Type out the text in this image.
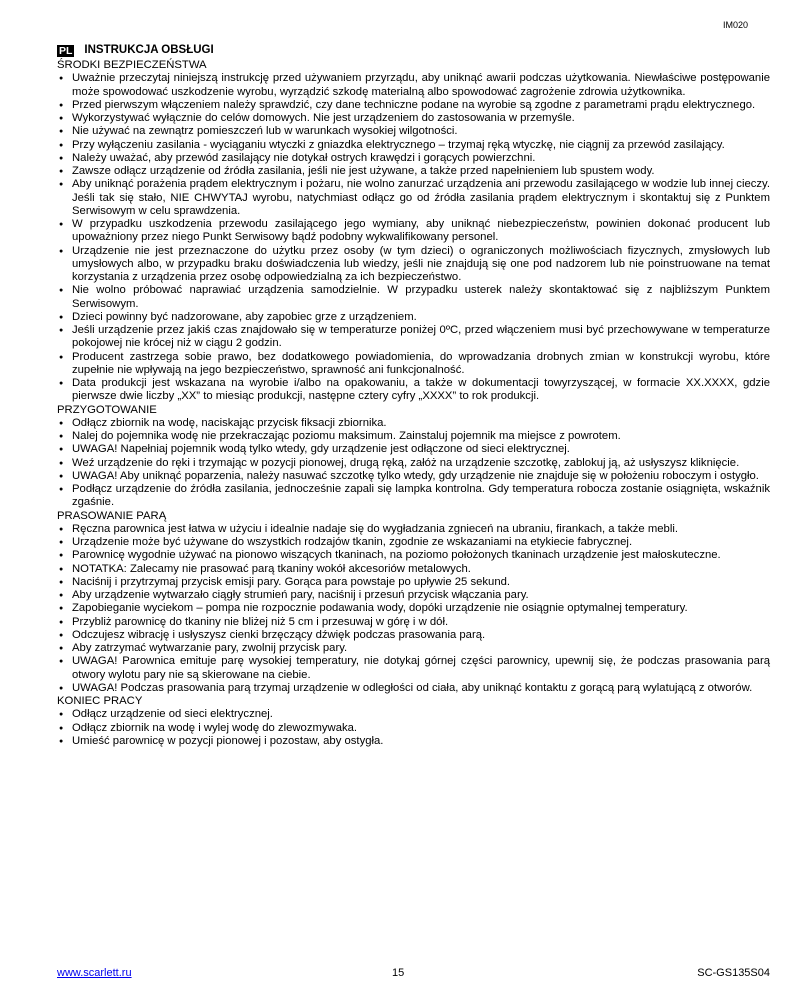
IM020
PL INSTRUKCJA OBSŁUGI
ŚRODKI BEZPIECZEŃSTWA
● Uważnie przeczytaj niniejszą instrukcję przed używaniem przyrządu, aby uniknąć awarii podczas użytkowania. Niewłaściwe postępowanie może spowodować uszkodzenie wyrobu, wyrządzić szkodę materialną albo spowodować zagrożenie zdrowia użytkownika.
● Przed pierwszym włączeniem należy sprawdzić, czy dane techniczne podane na wyrobie są zgodne z parametrami prądu elektrycznego.
● Wykorzystywać wyłącznie do celów domowych. Nie jest urządzeniem do zastosowania w przemyśle.
● Nie używać na zewnątrz pomieszczeń lub w warunkach wysokiej wilgotności.
● Przy wyłączeniu zasilania - wyciąganiu wtyczki z gniazdka elektrycznego – trzymaj ręką wtyczkę, nie ciągnij za przewód zasilający.
● Należy uważać, aby przewód zasilający nie dotykał ostrych krawędzi i gorących powierzchni.
● Zawsze odłącz urządzenie od źródła zasilania, jeśli nie jest używane, a także przed napełnieniem lub spustem wody.
● Aby uniknąć porażenia prądem elektrycznym i pożaru, nie wolno zanurzać urządzenia ani przewodu zasilającego w wodzie lub innej cieczy. Jeśli tak się stało, NIE CHWYTAJ wyrobu, natychmiast odłącz go od źródła zasilania prądem elektrycznym i skontaktuj się z Punktem Serwisowym w celu sprawdzenia.
● W przypadku uszkodzenia przewodu zasilającego jego wymiany, aby uniknąć niebezpieczeństw, powinien dokonać producent lub upoważniony przez niego Punkt Serwisowy bądź podobny wykwalifikowany personel.
● Urządzenie nie jest przeznaczone do użytku przez osoby (w tym dzieci) o ograniczonych możliwościach fizycznych, zmysłowych lub umysłowych albo, w przypadku braku doświadczenia lub wiedzy, jeśli nie znajdują się one pod nadzorem lub nie poinstruowane na temat korzystania z urządzenia przez osobę odpowiedzialną za ich bezpieczeństwo.
● Nie wolno próbować naprawiać urządzenia samodzielnie. W przypadku usterek należy skontaktować się z najbliższym Punktem Serwisowym.
● Dzieci powinny być nadzorowane, aby zapobiec grze z urządzeniem.
● Jeśli urządzenie przez jakiś czas znajdowało się w temperaturze poniżej 0ºC, przed włączeniem musi być przechowywane w temperaturze pokojowej nie krócej niż w ciągu 2 godzin.
● Producent zastrzega sobie prawo, bez dodatkowego powiadomienia, do wprowadzania drobnych zmian w konstrukcji wyrobu, które zupełnie nie wpływają na jego bezpieczeństwo, sprawność ani funkcjonalność.
● Data produkcji jest wskazana na wyrobie i/albo na opakowaniu, a także w dokumentacji towyrzyszącej, w formacie XX.XXXX, gdzie pierwsze dwie liczby „XX” to miesiąc produkcji, następne cztery cyfry „XXXX” to rok produkcji.
PRZYGOTOWANIE
● Odłącz zbiornik na wodę, naciskając przycisk fiksacji zbiornika.
● Nalej do pojemnika wodę nie przekraczając poziomu maksimum. Zainstaluj pojemnik ma miejsce z powrotem.
● UWAGA! Napełniaj pojemnik wodą tylko wtedy, gdy urządzenie jest odłączone od sieci elektrycznej.
● Weź urządzenie do ręki i trzymając w pozycji pionowej, drugą ręką, załóż na urządzenie szczotkę, zablokuj ją, aż usłyszysz kliknięcie.
● UWAGA! Aby uniknąć poparzenia, należy nasuwać szczotkę tylko wtedy, gdy urządzenie nie znajduje się w położeniu roboczym i ostygło.
● Podłącz urządzenie do źródła zasilania, jednocześnie zapali się lampka kontrolna. Gdy temperatura robocza zostanie osiągnięta, wskaźnik zgaśnie.
PRASOWANIE PARĄ
● Ręczna parownica jest łatwa w użyciu i idealnie nadaje się do wygładzania zgnieceń na ubraniu, firankach, a także mebli.
● Urządzenie może być używane do wszystkich rodzajów tkanin, zgodnie ze wskazaniami na etykiecie fabrycznej.
● Parownicę wygodnie używać na pionowo wiszących tkaninach, na poziomo położonych tkaninach urządzenie jest małoskuteczne.
● NOTATKA: Zalecamy nie prasować parą tkaniny wokół akcesoriów metalowych.
● Naciśnij i przytrzymaj przycisk emisji pary. Gorąca para powstaje po upływie 25 sekund.
● Aby urządzenie wytwarzało ciągły strumień pary, naciśnij i przesuń przycisk włączania pary.
● Zapobieganie wyciekom – pompa nie rozpocznie podawania wody, dopóki urządzenie nie osiągnie optymalnej temperatury.
● Przybliż parownicę do tkaniny nie bliżej niż 5 cm i przesuwaj w górę i w dół.
● Odczujesz wibrację i usłyszysz cienki brzęczący dźwięk podczas prasowania parą.
● Aby zatrzymać wytwarzanie pary, zwolnij przycisk pary.
● UWAGA! Parownica emituje parę wysokiej temperatury, nie dotykaj górnej części parownicy, upewnij się, że podczas prasowania parą otwory wylotu pary nie są skierowane na ciebie.
● UWAGA! Podczas prasowania parą trzymaj urządzenie w odległości od ciała, aby uniknąć kontaktu z gorącą parą wylatującą z otworów.
KONIEC PRACY
● Odłącz urządzenie od sieci elektrycznej.
● Odłącz zbiornik na wodę i wylej wodę do zlewozmywaka.
● Umieść parownicę w pozycji pionowej i pozostaw, aby ostygła.
www.scarlett.ru	15	SC-GS135S04
